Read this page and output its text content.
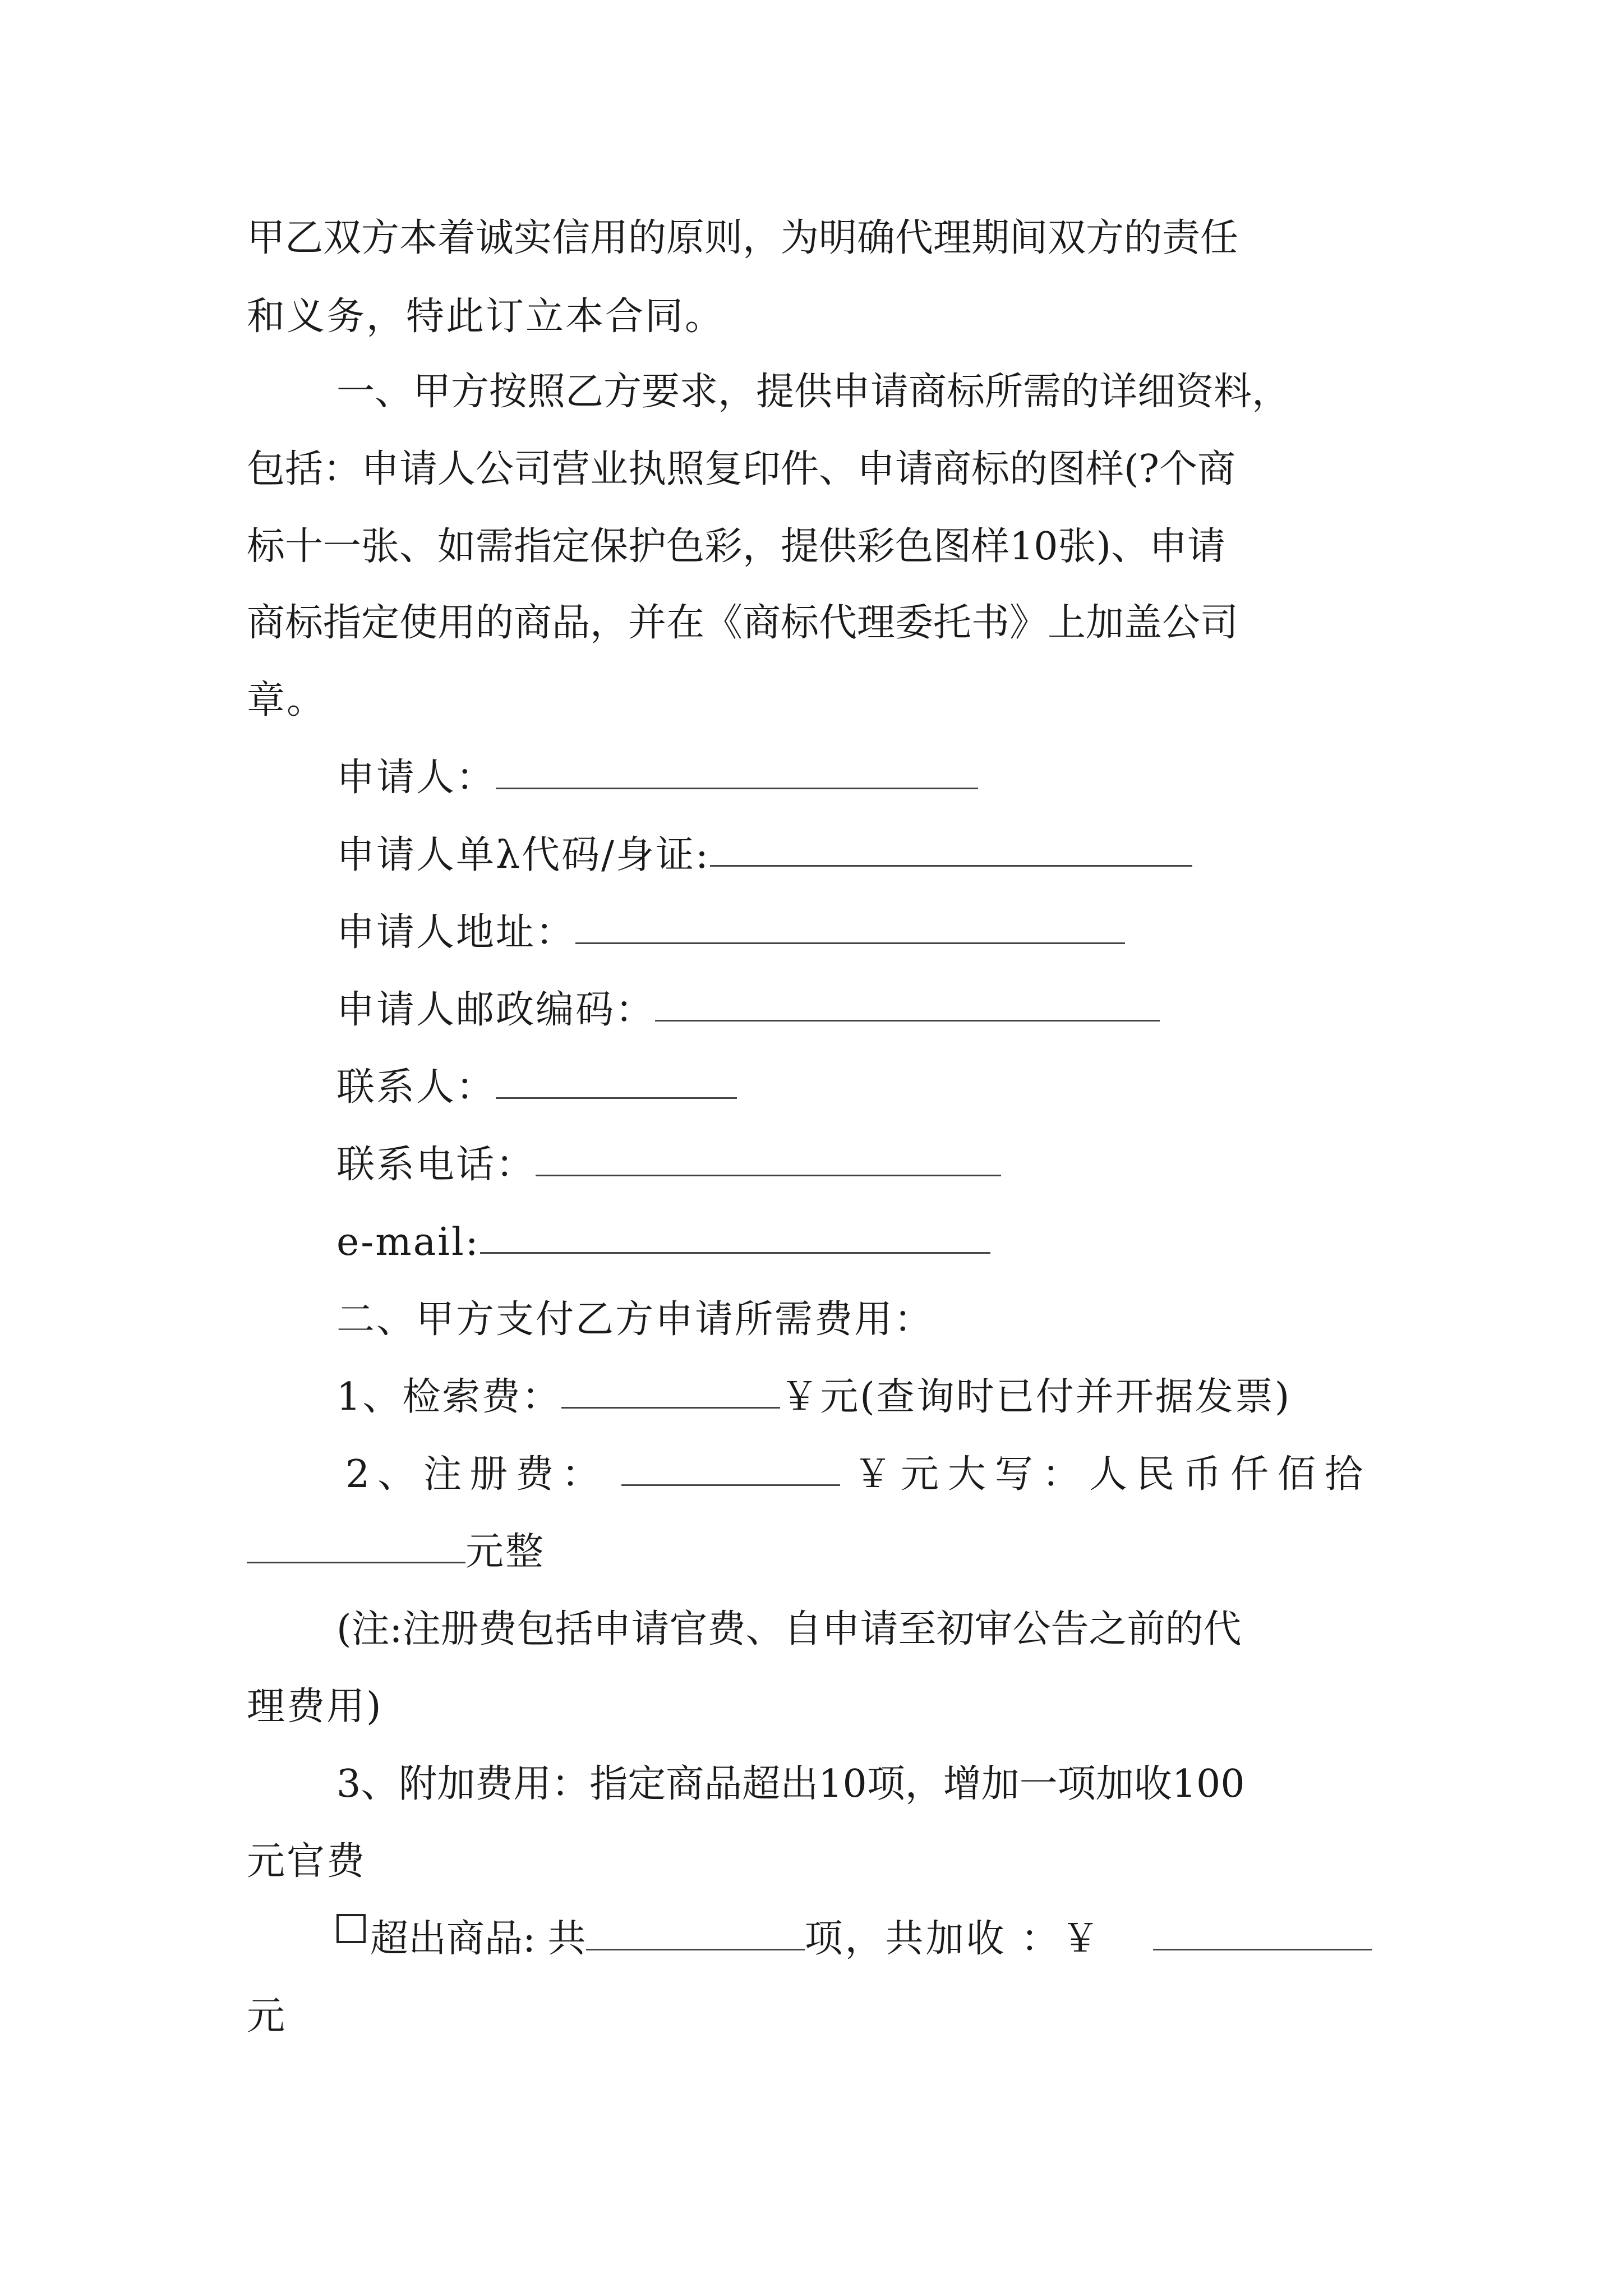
甲乙双方本着诚实信用的原则，为明确代理期间双方的责任
和义务，特此订立本合同。
一、甲方按照乙方要求，提供申请商标所需的详细资料，
包括：申请人公司营业执照复印件、申请商标的图样(?个商
标十一张、如需指定保护色彩，提供彩色图样10张)、申请
商标指定使用的商品，并在《商标代理委托书》上加盖公司
章。
申请人：
申请人单λ代码/身证:
申请人地址：
申请人邮政编码：
联系人：
联系电话：
e-mail:
二、甲方支付乙方申请所需费用：
1、检索费：	￥元(查询时已付并开据发票)
2、注册费：	￥元大写：人民币仟佰拾
元整
(注:注册费包括申请官费、自申请至初审公告之前的代
理费用)
3、附加费用：指定商品超出10项，增加一项加收100
元官费
超出商品: 共	项，共加收 ：￥
元
